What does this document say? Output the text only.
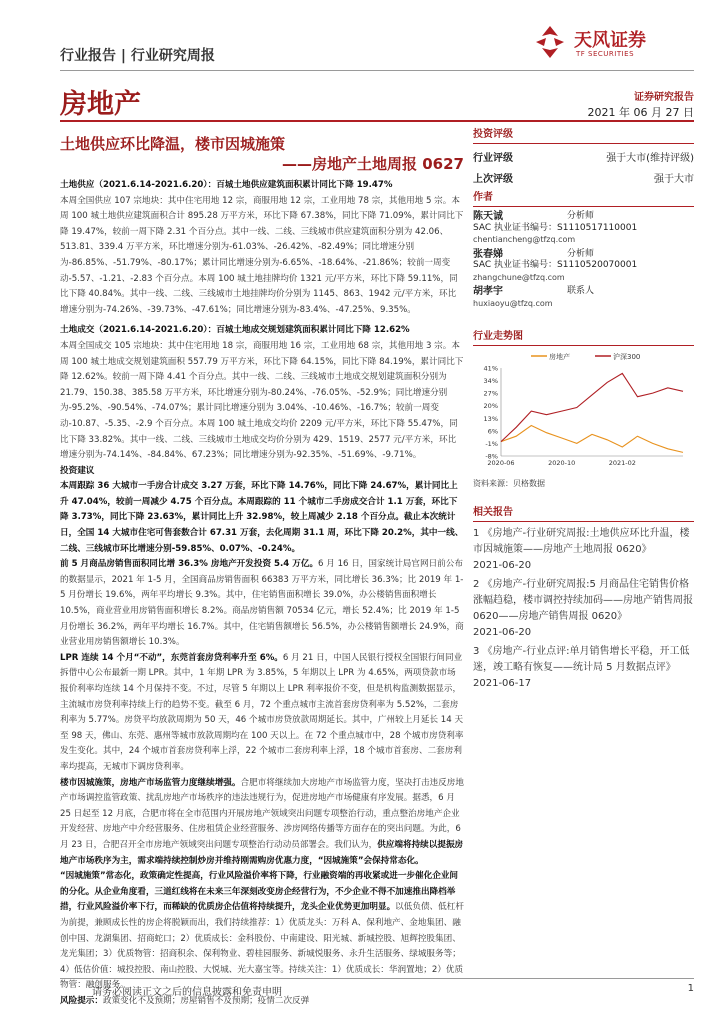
行业报告 | 行业研究周报
天风证券
TF SECURITIES
房地产	证券研究报告
2021 年 06 月 27 日
土地供应环比降温，楼市因城施策
——房地产土地周报 0627
土地供应（2021.6.14-2021.6.20）：百城土地供应建筑面积累计同比下降 19.47%
本周全国供应 107 宗地块：其中住宅用地 12 宗，商服用地 12 宗，工业用地 78 宗，其他用地 5 宗。本周 100 城土地供应建筑面积合计 895.28 万平方米，环比下降 67.38%，同比下降 71.09%，累计同比下降 19.47%，较前一周下降 2.31 个百分点。其中一线、二线、三线城市供应建筑面积分别为 42.06、513.81、339.4 万平方米，环比增速分别为-61.03%、-26.42%、-82.49%；同比增速分别为-86.85%、-51.79%、-80.17%；累计同比增速分别为-6.65%、-18.64%、-21.86%；较前一周变动-5.57、-1.21、-2.83 个百分点。本周 100 城土地挂牌均价 1321 元/平方米，环比下降 59.11%，同比下降 40.84%。其中一线、二线、三线城市土地挂牌均价分别为 1145、863、1942 元/平方米，环比增速分别为-74.26%、-39.73%、-47.61%；同比增速分别为-83.4%、-47.25%、9.35%。
土地成交（2021.6.14-2021.6.20）：百城土地成交规划建筑面积累计同比下降 12.62%
本周全国成交 105 宗地块：其中住宅用地 18 宗，商服用地 16 宗，工业用地 68 宗，其他用地 3 宗。本周 100 城土地成交规划建筑面积 557.79 万平方米，环比下降 64.15%，同比下降 84.19%，累计同比下降 12.62%。较前一周下降 4.41 个百分点。其中一线、二线、三线城市土地成交规划建筑面积分别为 21.79、150.38、385.58 万平方米，环比增速分别为-80.24%、-76.05%、-52.9%；同比增速分别为-95.2%、-90.54%、-74.07%；累计同比增速分别为 3.04%、-10.46%、-16.7%；较前一周变动-10.87、-5.35、-2.9 个百分点。本周 100 城土地成交均价 2209 元/平方米，环比下降 55.47%，同比下降 33.82%。其中一线、二线、三线城市土地成交均价分别为 429、1519、2577 元/平方米，环比增速分别为-74.14%、-84.84%、67.23%；同比增速分别为-92.35%、-51.69%、-9.71%。
投资建议
本周跟踪 36 大城市一手房合计成交 3.27 万套，环比下降 14.76%，同比下降 24.67%，累计同比上升 47.04%，较前一周减少 4.75 个百分点。本周跟踪的 11 个城市二手房成交合计 1.1 万套，环比下降 3.73%，同比下降 23.63%，累计同比上升 32.98%，较上周减少 2.18 个百分点。截止本次统计日，全国 14 大城市住宅可售套数合计 67.31 万套，去化周期 31.1 周，环比下降 20.2%，其中一线、二线、三线城市环比增速分别-59.85%、0.07%、-0.24%。
前 5 月商品房销售面积同比增 36.3% 房地产开发投资 5.4 万亿。6 月 16 日，国家统计局官网日前公布的数据显示，2021 年 1-5 月，全国商品房销售面积 66383 万平方米，同比增长 36.3%；比 2019 年 1-5 月份增长 19.6%，两年平均增长 9.3%。其中，住宅销售面积增长 39.0%，办公楼销售面积增长 10.5%，商业营业用房销售面积增长 8.2%。商品房销售额 70534 亿元，增长 52.4%；比 2019 年 1-5 月份增长 36.2%，两年平均增长 16.7%。其中，住宅销售额增长 56.5%，办公楼销售额增长 24.9%，商业营业用房销售额增长 10.3%。
LPR 连续 14 个月“不动”，东莞首套房贷利率升至 6%。6 月 21 日，中国人民银行授权全国银行间同业拆借中心公布最新一期 LPR。其中，1 年期 LPR 为 3.85%，5 年期以上 LPR 为 4.65%，两项贷款市场报价利率均连续 14 个月保持不变。不过，尽管 5 年期以上 LPR 利率报价不变，但是机构监测数据显示，主流城市房贷利率持续上行的趋势不变。截至 6 月，72 个重点城市主流首套房贷利率为 5.52%，二套房利率为 5.77%。房贷平均放款周期为 50 天，46 个城市房贷放款周期延长。其中，广州较上月延长 14 天至 98 天，佛山、东莞、惠州等城市放款周期均在 100 天以上。在 72 个重点城市中，28 个城市房贷利率发生变化。其中，24 个城市首套房贷利率上浮，22 个城市二套房利率上浮，18 个城市首套房、二套房利率均提高，无城市下调房贷利率。
楼市因城施策，房地产市场监管力度继续增强。合肥市将继续加大房地产市场监管力度，坚决打击违反房地产市场调控监管政策、扰乱房地产市场秩序的违法违规行为，促进房地产市场健康有序发展。据悉，6 月 25 日起至 12 月底，合肥市将在全市范围内开展房地产领域突出问题专项整治行动，重点整治房地产企业开发经营、房地产中介经营服务、住房租赁企业经营服务、涉房网络传播等方面存在的突出问题。为此，6 月 23 日，合肥召开全市房地产领域突出问题专项整治行动动员部署会。我们认为，供应端将持续以提振房地产市场秩序为主，需求端持续控制炒房并维持刚需购房优惠力度，“因城施策”会保持常态化。
“因城施策”常态化，政策确定性提高，行业风险溢价率将下降，行业融资端的再收紧或进一步催化企业间的分化。从企业角度看，三道红线将在未来三年深刻改变房企经营行为，不少企业不得不加速推出降档举措，行业风险溢价率下行，而稀缺的优质房企估值将持续提升，龙头企业优势更加明显。以低负债、低杠杆为前提，兼顾成长性的房企将脱颖而出，我们持续推荐：1）优质龙头：万科 A、保利地产、金地集团、融创中国、龙湖集团、招商蛇口；2）优质成长：金科股份、中南建设、阳光城、新城控股、旭辉控股集团、龙光集团；3）优质物管：招商积余、保利物业、碧桂园服务、新城悦服务、永升生活服务、绿城服务等；4）低估价值：城投控股、南山控股、大悦城、光大嘉宝等。持续关注：1）优质成长：华润置地；2）优质物管：融创服务。
风险提示：政策变化不及预期；房屋销售不及预期；疫情二次反弹
投资评级
行业评级	强于大市(维持评级)
上次评级	强于大市
作者
陈天诚	分析师
SAC 执业证书编号：S1110517110001
chentiancheng@tfzq.com
张春娣	分析师
SAC 执业证书编号：S1110520070001
zhangchune@tfzq.com
胡孝宇	联系人
huxiaoyu@tfzq.com
行业走势图
房地产	沪深300
41%
34%
27%
20%
13%
6%
-1%
-8%
2020-06	2020-10	2021-02
资料来源：贝格数据
相关报告
1 《房地产-行业研究周报:土地供应环比升温，楼市因城施策——房地产土地周报 0620》
2021-06-20
2 《房地产-行业研究周报:5 月商品住宅销售价格涨幅趋稳，楼市调控持续加码——房地产销售周报 0620——房地产销售周报 0620》
2021-06-20
3 《房地产-行业点评:单月销售增长平稳，开工低迷，竣工略有恢复——统计局 5 月数据点评》 2021-06-17
请务必阅读正文之后的信息披露和免责申明	1
